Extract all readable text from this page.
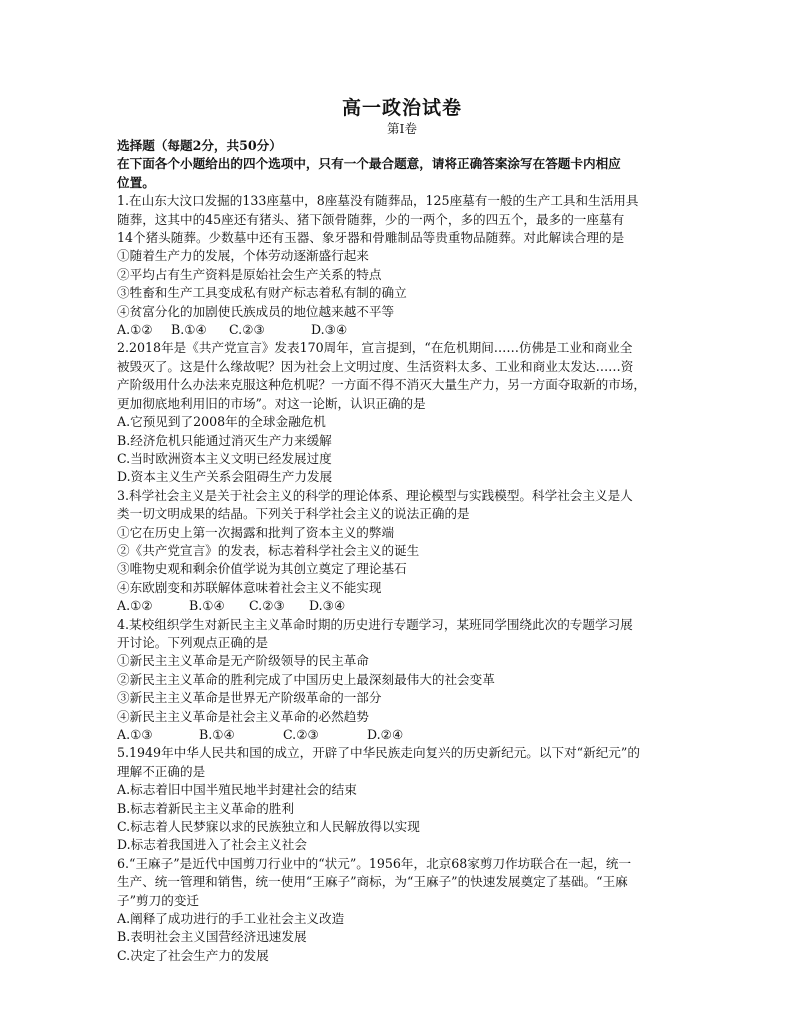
高一政治试卷
第I卷
选择题（每题2分，共50分）
在下面各个小题给出的四个选项中，只有一个最合题意，请将正确答案涂写在答题卡内相应
位置。
1.在山东大汶口发掘的133座墓中，8座墓没有随葬品，125座墓有一般的生产工具和生活用具
随葬，这其中的45座还有猪头、猪下颌骨随葬，少的一两个，多的四五个，最多的一座墓有
14个猪头随葬。少数墓中还有玉器、象牙器和骨雕制品等贵重物品随葬。对此解读合理的是
①随着生产力的发展，个体劳动逐渐盛行起来
②平均占有生产资料是原始社会生产关系的特点
③牲畜和生产工具变成私有财产标志着私有制的确立
④贫富分化的加剧使氏族成员的地位越来越不平等
A.①②	B.①④	C.②③	D.③④
2.2018年是《共产党宣言》发表170周年，宣言提到，“在危机期间……仿佛是工业和商业全
被毁灭了。这是什么缘故呢？因为社会上文明过度、生活资料太多、工业和商业太发达……资
产阶级用什么办法来克服这种危机呢？一方面不得不消灭大量生产力，另一方面夺取新的市场，
更加彻底地利用旧的市场”。对这一论断，认识正确的是
A.它预见到了2008年的全球金融危机
B.经济危机只能通过消灭生产力来缓解
C.当时欧洲资本主义文明已经发展过度
D.资本主义生产关系会阻碍生产力发展
3.科学社会主义是关于社会主义的科学的理论体系、理论模型与实践模型。科学社会主义是人
类一切文明成果的结晶。下列关于科学社会主义的说法正确的是
①它在历史上第一次揭露和批判了资本主义的弊端
②《共产党宣言》的发表，标志着科学社会主义的诞生
③唯物史观和剩余价值学说为其创立奠定了理论基石
④东欧剧变和苏联解体意味着社会主义不能实现
A.①②	B.①④	C.②③	D.③④
4.某校组织学生对新民主主义革命时期的历史进行专题学习，某班同学围绕此次的专题学习展
开讨论。下列观点正确的是
①新民主主义革命是无产阶级领导的民主革命
②新民主主义革命的胜利完成了中国历史上最深刻最伟大的社会变革
③新民主主义革命是世界无产阶级革命的一部分
④新民主主义革命是社会主义革命的必然趋势
A.①③	B.①④	C.②③	D.②④
5.1949年中华人民共和国的成立，开辟了中华民族走向复兴的历史新纪元。以下对“新纪元”的
理解不正确的是
A.标志着旧中国半殖民地半封建社会的结束
B.标志着新民主主义革命的胜利
C.标志着人民梦寐以求的民族独立和人民解放得以实现
D.标志着我国进入了社会主义社会
6.“王麻子”是近代中国剪刀行业中的“状元”。1956年，北京68家剪刀作坊联合在一起，统一
生产、统一管理和销售，统一使用“王麻子”商标，为“王麻子”的快速发展奠定了基础。“王麻
子”剪刀的变迁
A.阐释了成功进行的手工业社会主义改造
B.表明社会主义国营经济迅速发展
C.决定了社会生产力的发展
